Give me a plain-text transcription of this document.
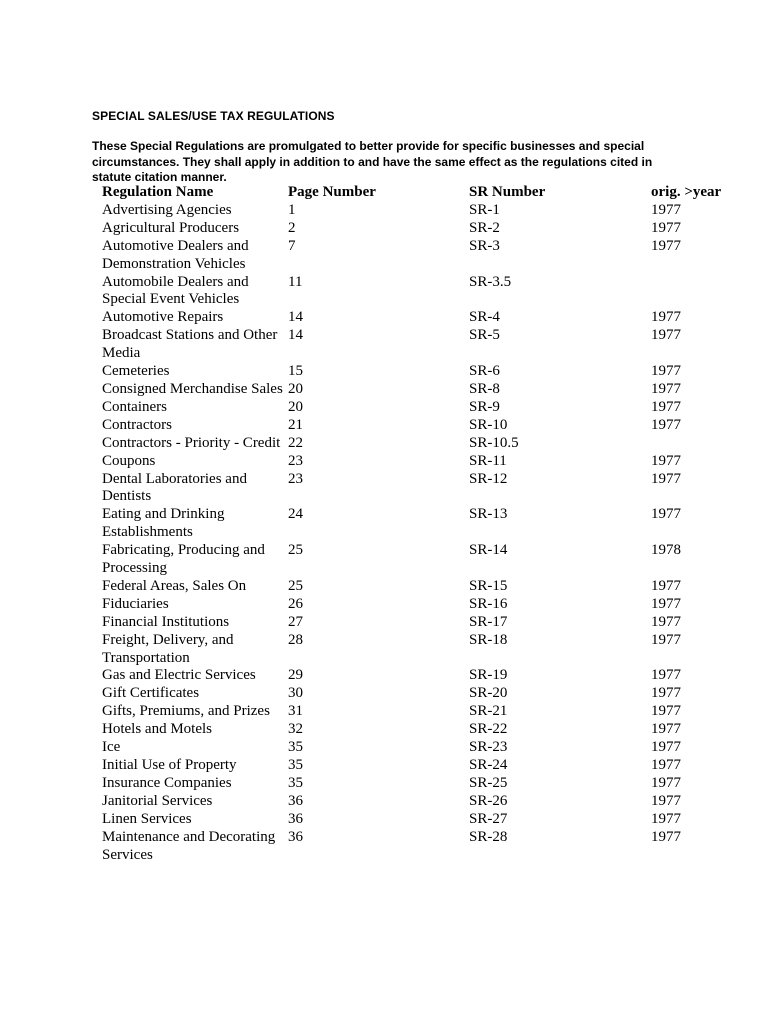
SPECIAL SALES/USE TAX REGULATIONS
These Special Regulations are promulgated to better provide for specific businesses and special circumstances. They shall apply in addition to and have the same effect as the regulations cited in statute citation manner.
Regulation Name	Page Number	SR Number	orig. >year
Advertising Agencies	1	SR-1	1977
Agricultural Producers	2	SR-2	1977
Automotive Dealers and Demonstration Vehicles	7	SR-3	1977
Automobile Dealers and Special Event Vehicles	11	SR-3.5	
Automotive Repairs	14	SR-4	1977
Broadcast Stations and Other Media	14	SR-5	1977
Cemeteries	15	SR-6	1977
Consigned Merchandise Sales	20	SR-8	1977
Containers	20	SR-9	1977
Contractors	21	SR-10	1977
Contractors - Priority - Credit	22	SR-10.5	
Coupons	23	SR-11	1977
Dental Laboratories and Dentists	23	SR-12	1977
Eating and Drinking Establishments	24	SR-13	1977
Fabricating, Producing and Processing	25	SR-14	1978
Federal Areas, Sales On	25	SR-15	1977
Fiduciaries	26	SR-16	1977
Financial Institutions	27	SR-17	1977
Freight, Delivery, and Transportation	28	SR-18	1977
Gas and Electric Services	29	SR-19	1977
Gift Certificates	30	SR-20	1977
Gifts, Premiums, and Prizes	31	SR-21	1977
Hotels and Motels	32	SR-22	1977
Ice	35	SR-23	1977
Initial Use of Property	35	SR-24	1977
Insurance Companies	35	SR-25	1977
Janitorial Services	36	SR-26	1977
Linen Services	36	SR-27	1977
Maintenance and Decorating Services	36	SR-28	1977
